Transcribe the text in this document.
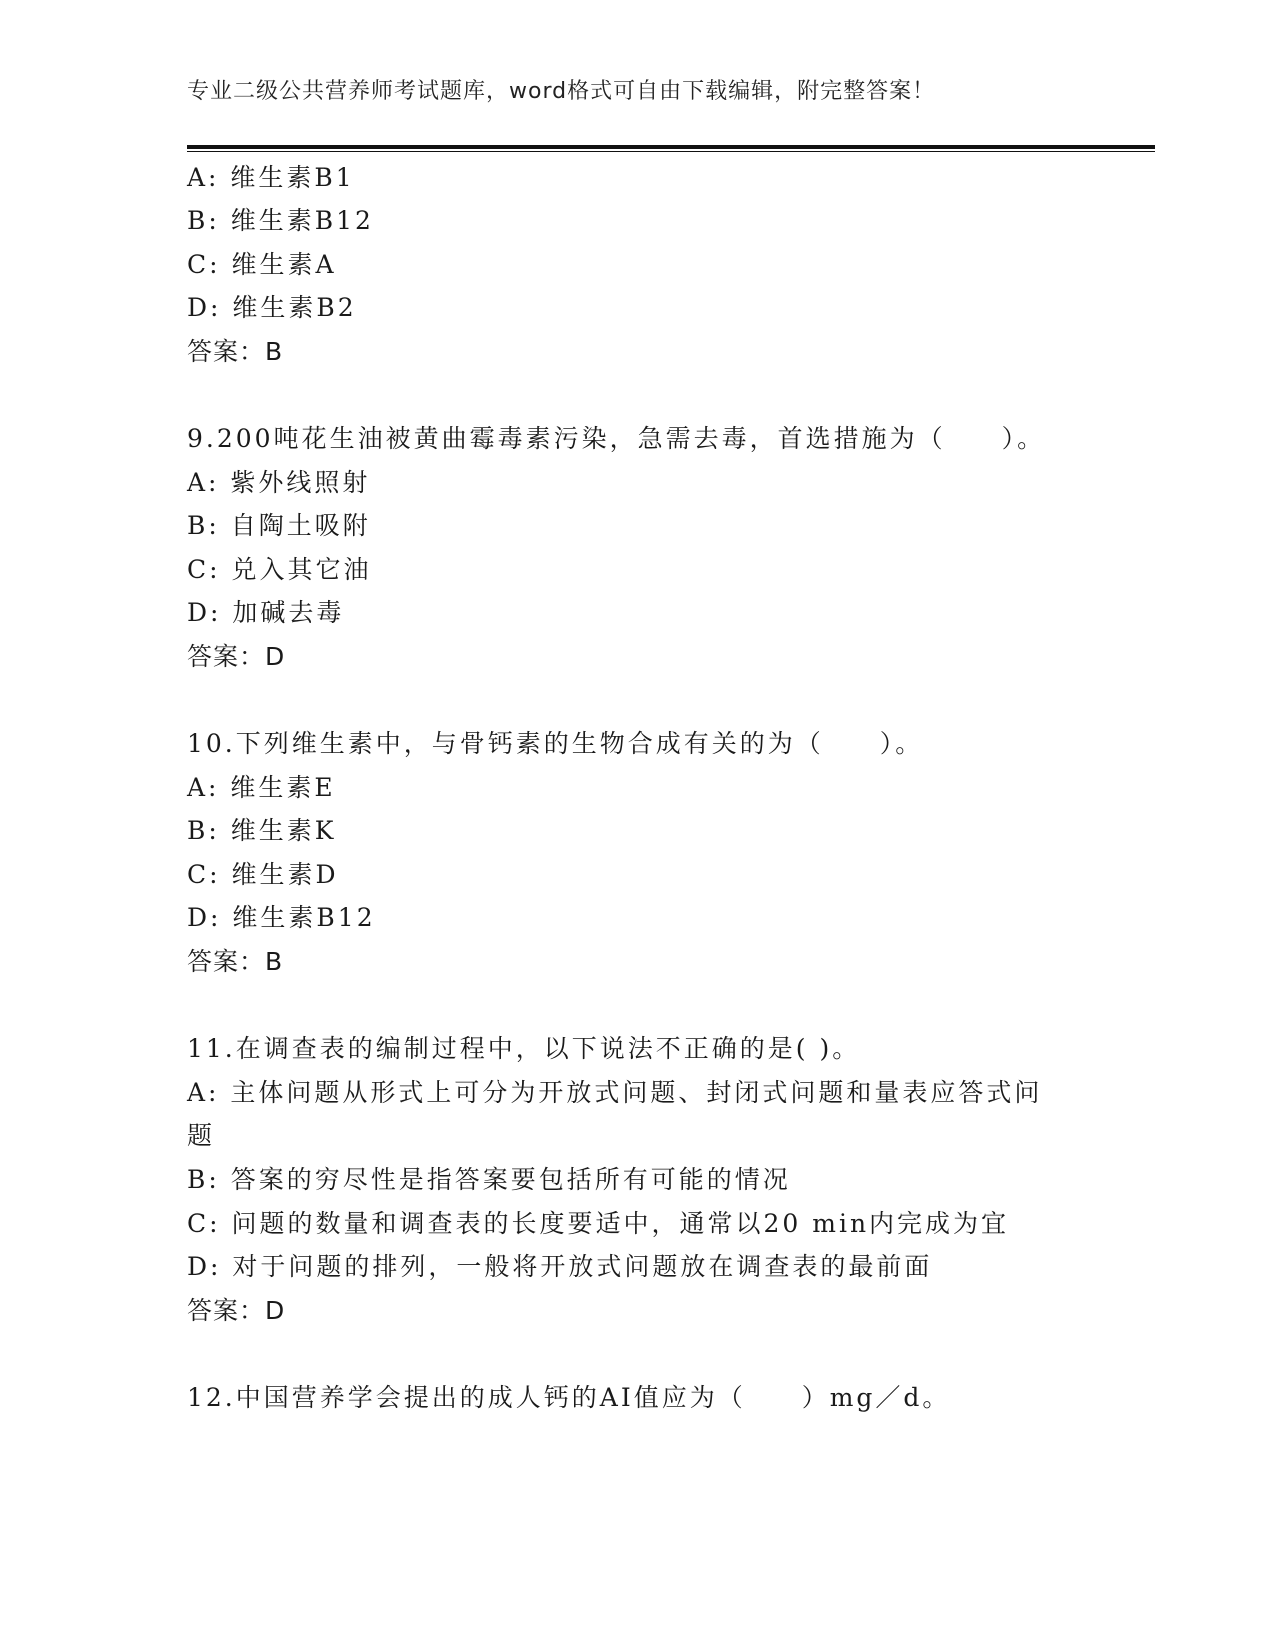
专业二级公共营养师考试题库，word格式可自由下载编辑，附完整答案！
A: 维生素B1
B: 维生素B12
C: 维生素A
D: 维生素B2
答案：B
9.200吨花生油被黄曲霉毒素污染，急需去毒，首选措施为（　　）。
A: 紫外线照射
B: 自陶土吸附
C: 兑入其它油
D: 加碱去毒
答案：D
10.下列维生素中，与骨钙素的生物合成有关的为（　　）。
A: 维生素E
B: 维生素K
C: 维生素D
D: 维生素B12
答案：B
11.在调查表的编制过程中，以下说法不正确的是( )。
A: 主体问题从形式上可分为开放式问题、封闭式问题和量表应答式问
题
B: 答案的穷尽性是指答案要包括所有可能的情况
C: 问题的数量和调查表的长度要适中，通常以20 min内完成为宜
D: 对于问题的排列，一般将开放式问题放在调查表的最前面
答案：D
12.中国营养学会提出的成人钙的AI值应为（　　）mg／d。
